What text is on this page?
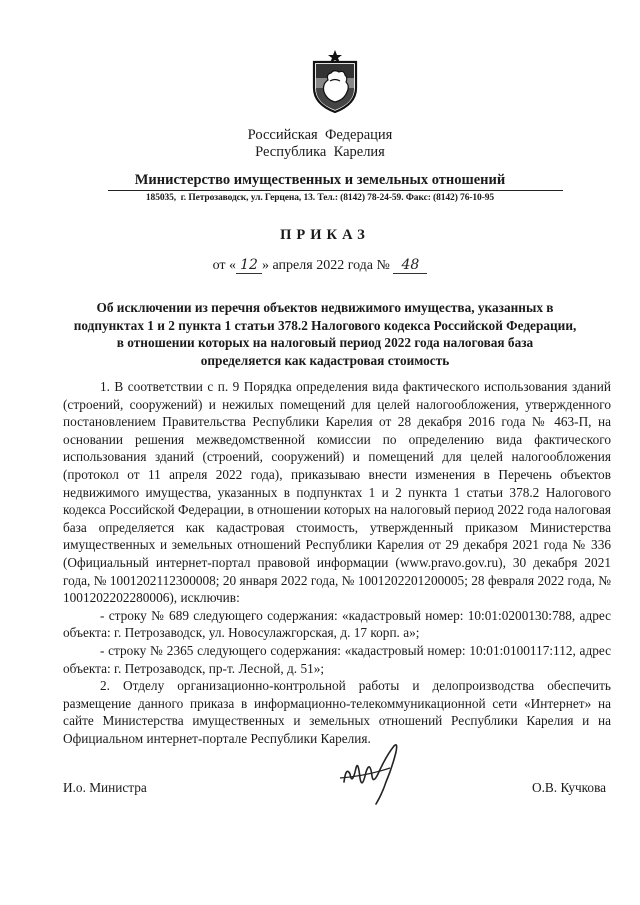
Российская  Федерация
Республика  Карелия
Министерство имущественных и земельных отношений
185035,  г. Петрозаводск, ул. Герцена, 13. Тел.: (8142) 78-24-59. Факс: (8142) 76-10-95
ПРИКАЗ
от « 12 » апреля 2022 года № 48
Об исключении из перечня объектов недвижимого имущества, указанных в
подпунктах 1 и 2 пункта 1 статьи 378.2 Налогового кодекса Российской Федерации,
в отношении которых на налоговый период 2022 года налоговая база
определяется как кадастровая стоимость

1. В соответствии с п. 9 Порядка определения вида фактического использования зданий (строений, сооружений) и нежилых помещений для целей налогообложения, утвержденного постановлением Правительства Республики Карелия от 28 декабря 2016 года № 463-П, на основании решения межведомственной комиссии по определению вида фактического использования зданий (строений, сооружений) и помещений для целей налогообложения (протокол от 11 апреля 2022 года), приказываю внести изменения в Перечень объектов недвижимого имущества, указанных в подпунктах 1 и 2 пункта 1 статьи 378.2 Налогового кодекса Российской Федерации, в отношении которых на налоговый период 2022 года налоговая база определяется как кадастровая стоимость, утвержденный приказом Министерства имущественных и земельных отношений Республики Карелия от 29 декабря 2021 года № 336 (Официальный интернет-портал правовой информации (www.pravo.gov.ru), 30 декабря 2021 года, № 1001202112300008; 20 января 2022 года, № 1001202201200005; 28 февраля 2022 года, № 1001202202280006), исключив:

- строку № 689 следующего содержания: «кадастровый номер: 10:01:0200130:788, адрес объекта: г. Петрозаводск, ул. Новосулажгорская, д. 17 корп. а»;

- строку № 2365 следующего содержания: «кадастровый номер: 10:01:0100117:112, адрес объекта: г. Петрозаводск, пр-т. Лесной, д. 51»;

2. Отделу организационно-контрольной работы и делопроизводства обеспечить размещение данного приказа в информационно-телекоммуникационной сети «Интернет» на сайте Министерства имущественных и земельных отношений Республики Карелия и на Официальном интернет-портале Республики Карелия.

И.о. Министра	О.В. Кучкова
